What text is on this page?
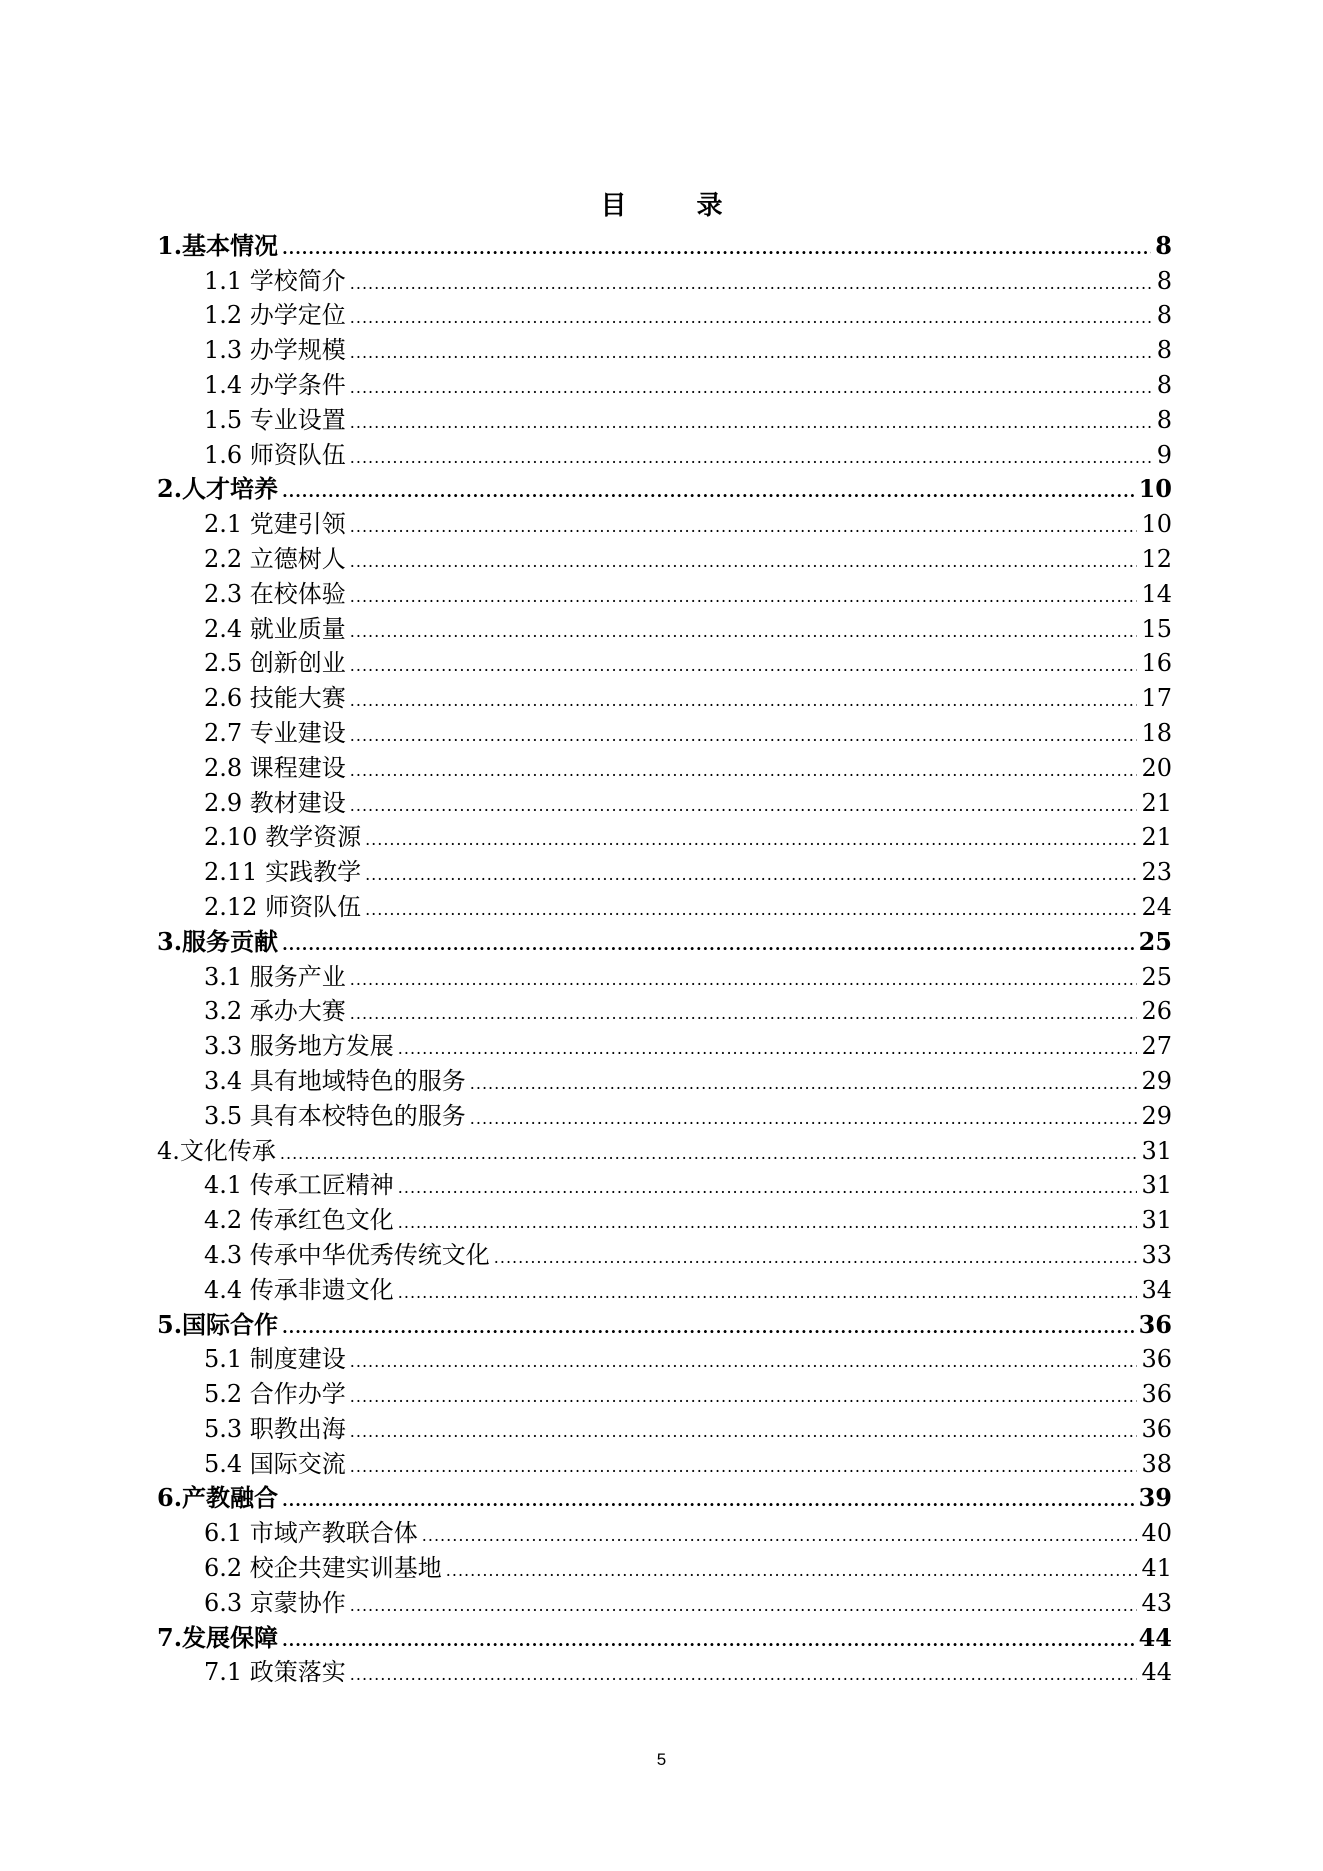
目　录
1.基本情况 .....	8
1.1 学校简介 .....	8
1.2 办学定位 .....	8
1.3 办学规模 .....	8
1.4 办学条件 .....	8
1.5 专业设置 .....	8
1.6 师资队伍 .....	9
2.人才培养 .....	10
2.1 党建引领 .....	10
2.2 立德树人 .....	12
2.3 在校体验 .....	14
2.4 就业质量 .....	15
2.5 创新创业 .....	16
2.6 技能大赛 .....	17
2.7 专业建设 .....	18
2.8 课程建设 .....	20
2.9 教材建设 .....	21
2.10 教学资源 .....	21
2.11 实践教学 .....	23
2.12 师资队伍 .....	24
3.服务贡献 .....	25
3.1 服务产业 .....	25
3.2 承办大赛 .....	26
3.3 服务地方发展 .....	27
3.4 具有地域特色的服务 .....	29
3.5 具有本校特色的服务 .....	29
4.文化传承 .....	31
4.1 传承工匠精神 .....	31
4.2 传承红色文化 .....	31
4.3 传承中华优秀传统文化 .....	33
4.4 传承非遗文化 .....	34
5.国际合作 .....	36
5.1 制度建设 .....	36
5.2 合作办学 .....	36
5.3 职教出海 .....	36
5.4 国际交流 .....	38
6.产教融合 .....	39
6.1 市域产教联合体 .....	40
6.2 校企共建实训基地 .....	41
6.3 京蒙协作 .....	43
7.发展保障 .....	44
7.1 政策落实 .....	44
5
